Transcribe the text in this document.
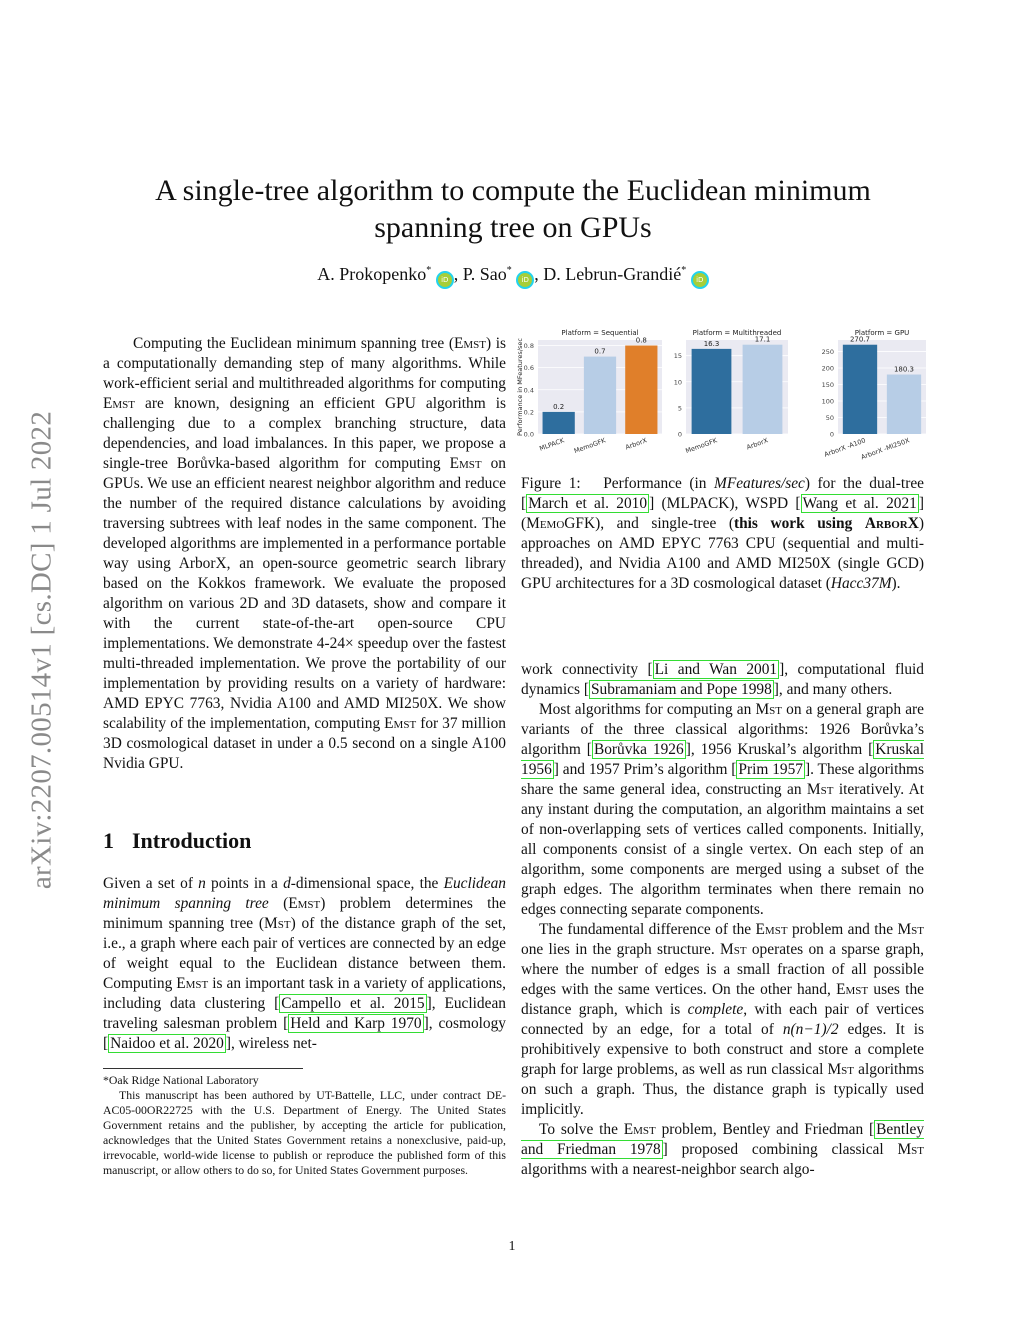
arXiv:2207.00514v1 [cs.DC] 1 Jul 2022
A single-tree algorithm to compute the Euclidean minimum spanning tree on GPUs
A. Prokopenko* iD , P. Sao* iD , D. Lebrun-Grandié* iD

Computing the Euclidean minimum spanning tree (Emst) is a computationally demanding step of many algorithms. While work-efficient serial and multithreaded algorithms for computing Emst are known, designing an efficient GPU algorithm is challenging due to a complex branching structure, data dependencies, and load imbalances. In this paper, we propose a single-tree Borůvka-based algorithm for computing Emst on GPUs. We use an efficient nearest neighbor algorithm and reduce the number of the required distance calculations by avoiding traversing subtrees with leaf nodes in the same component. The developed algorithms are implemented in a performance portable way using ArborX, an open-source geometric search library based on the Kokkos framework. We evaluate the proposed algorithm on various 2D and 3D datasets, show and compare it with the current state-of-the-art open-source CPU implementations. We demonstrate 4-24× speedup over the fastest multi-threaded implementation. We prove the portability of our implementation by providing results on a variety of hardware: AMD EPYC 7763, Nvidia A100 and AMD MI250X. We show scalability of the implementation, computing Emst for 37 million 3D cosmological dataset in under a 0.5 second on a single A100 Nvidia GPU.

1 Introduction

Given a set of n points in a d-dimensional space, the Euclidean minimum spanning tree (Emst) problem determines the minimum spanning tree (Mst) of the distance graph of the set, i.e., a graph where each pair of vertices are connected by an edge of weight equal to the Euclidean distance between them. Computing Emst is an important task in a variety of applications, including data clustering [ Campello et al. 2015 ], Euclidean traveling salesman problem [ Held and Karp 1970 ], cosmology [ Naidoo et al. 2020 ], wireless net-

*Oak Ridge National Laboratory

This manuscript has been authored by UT-Battelle, LLC, under contract DE-AC05-00OR22725 with the U.S. Department of Energy. The United States Government retains and the publisher, by accepting the article for publication, acknowledges that the United States Government retains a nonexclusive, paid-up, irrevocable, world-wide license to publish or reproduce the published form of this manuscript, or allow others to do so, for United States Government purposes.

Platform = Sequential
0.0
0.2
0.4
0.6
0.8
0.2
MLPACK
0.7
MemoGFK
0.8
ArborX
Performance in MFeatures/sec
Platform = Multithreaded
0
5
10
15
16.3
MemoGFK
17.1
ArborX
Platform = GPU
0
50
100
150
200
250
270.7
ArborX -A100
180.3
ArborX -MI250X

Figure 1: Performance (in MFeatures/sec) for the dual-tree [ March et al. 2010 ] (MLPACK), WSPD [ Wang et al. 2021 ] (MemoGFK), and single-tree (this work using ArborX) approaches on AMD EPYC 7763 CPU (sequential and multi-threaded), and Nvidia A100 and AMD MI250X (single GCD) GPU architectures for a 3D cosmological dataset (Hacc37M).

work connectivity [ Li and Wan 2001 ], computational fluid dynamics [ Subramaniam and Pope 1998 ], and many others.

Most algorithms for computing an Mst on a general graph are variants of the three classical algorithms: 1926 Borůvka’s algorithm [ Borůvka 1926 ], 1956 Kruskal’s algorithm [ Kruskal 1956 ] and 1957 Prim’s algorithm [ Prim 1957 ]. These algorithms share the same general idea, constructing an Mst iteratively. At any instant during the computation, an algorithm maintains a set of non-overlapping sets of vertices called components. Initially, all components consist of a single vertex. On each step of an algorithm, some components are merged using a subset of the graph edges. The algorithm terminates when there remain no edges connecting separate components.

The fundamental difference of the Emst problem and the Mst one lies in the graph structure. Mst operates on a sparse graph, where the number of edges is a small fraction of all possible edges with the same vertices. On the other hand, Emst uses the distance graph, which is complete, with each pair of vertices connected by an edge, for a total of n(n−1)/2 edges. It is prohibitively expensive to both construct and store a complete graph for large problems, as well as run classical Mst algorithms on such a graph. Thus, the distance graph is typically used implicitly.

To solve the Emst problem, Bentley and Friedman [ Bentley and Friedman 1978 ] proposed combining classical Mst algorithms with a nearest-neighbor search algo-

1
